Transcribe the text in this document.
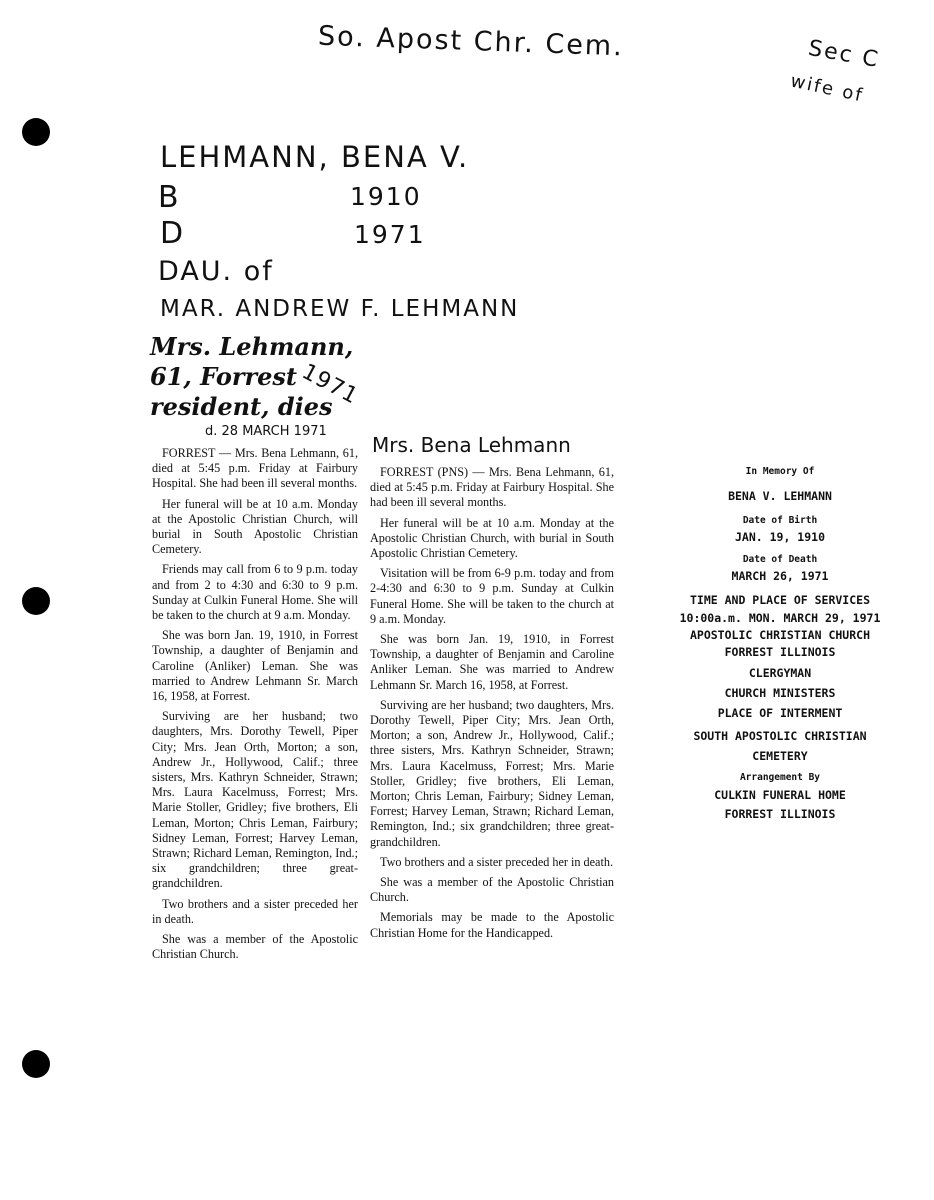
So. Apost Chr. Cem.	Sec C
wife of
LEHMANN, BENA V.
B	1910
D	1971
DAU. of
MAR. ANDREW F. LEHMANN
Mrs. Lehmann,
61, Forrest
resident, dies
1971
d. 28 MARCH 1971

FORREST — Mrs. Bena Lehmann, 61, died at 5:45 p.m. Friday at Fairbury Hospital. She had been ill several months.

Her funeral will be at 10 a.m. Monday at the Apostolic Christian Church, will burial in South Apostolic Christian Cemetery.

Friends may call from 6 to 9 p.m. today and from 2 to 4:30 and 6:30 to 9 p.m. Sunday at Culkin Funeral Home. She will be taken to the church at 9 a.m. Monday.

She was born Jan. 19, 1910, in Forrest Township, a daughter of Benjamin and Caroline (Anliker) Leman. She was married to Andrew Lehmann Sr. March 16, 1958, at Forrest.

Surviving are her husband; two daughters, Mrs. Dorothy Tewell, Piper City; Mrs. Jean Orth, Morton; a son, Andrew Jr., Hollywood, Calif.; three sisters, Mrs. Kathryn Schneider, Strawn; Mrs. Laura Kacelmuss, Forrest; Mrs. Marie Stoller, Gridley; five brothers, Eli Leman, Morton; Chris Leman, Fairbury; Sidney Leman, Forrest; Harvey Leman, Strawn; Richard Leman, Remington, Ind.; six grandchildren; three great-grandchildren.

Two brothers and a sister preceded her in death.

She was a member of the Apostolic Christian Church.

Mrs. Bena Lehmann

FORREST (PNS) — Mrs. Bena Lehmann, 61, died at 5:45 p.m. Friday at Fairbury Hospital. She had been ill several months.

Her funeral will be at 10 a.m. Monday at the Apostolic Christian Church, with burial in South Apostolic Christian Cemetery.

Visitation will be from 6-9 p.m. today and from 2-4:30 and 6:30 to 9 p.m. Sunday at Culkin Funeral Home. She will be taken to the church at 9 a.m. Monday.

She was born Jan. 19, 1910, in Forrest Township, a daughter of Benjamin and Caroline Anliker Leman. She was married to Andrew Lehmann Sr. March 16, 1958, at Forrest.

Surviving are her husband; two daughters, Mrs. Dorothy Tewell, Piper City; Mrs. Jean Orth, Morton; a son, Andrew Jr., Hollywood, Calif.; three sisters, Mrs. Kathryn Schneider, Strawn; Mrs. Laura Kacelmuss, Forrest; Mrs. Marie Stoller, Gridley; five brothers, Eli Leman, Morton; Chris Leman, Fairbury; Sidney Leman, Forrest; Harvey Leman, Strawn; Richard Leman, Remington, Ind.; six grandchildren; three great-grandchildren.

Two brothers and a sister preceded her in death.

She was a member of the Apostolic Christian Church.

Memorials may be made to the Apostolic Christian Home for the Handicapped.

In Memory Of
BENA V. LEHMANN
Date of Birth
JAN. 19, 1910
Date of Death
MARCH 26, 1971
TIME AND PLACE OF SERVICES
10:00a.m. MON. MARCH 29, 1971
APOSTOLIC CHRISTIAN CHURCH
FORREST ILLINOIS
CLERGYMAN
CHURCH MINISTERS
PLACE OF INTERMENT
SOUTH APOSTOLIC CHRISTIAN
CEMETERY
Arrangement By
CULKIN FUNERAL HOME
FORREST ILLINOIS
